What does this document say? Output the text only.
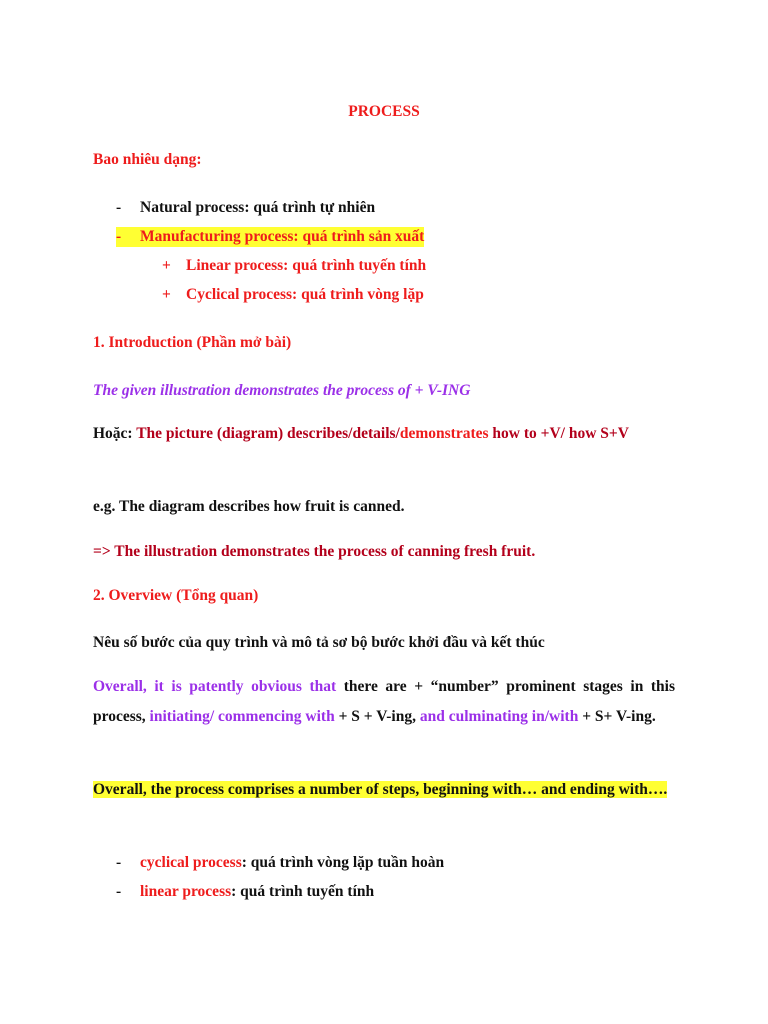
PROCESS
Bao nhiêu dạng:
- Natural process: quá trình tự nhiên
- Manufacturing process: quá trình sản xuất
+ Linear process: quá trình tuyến tính
+ Cyclical process: quá trình vòng lặp
1. Introduction (Phần mở bài)
The given illustration demonstrates the process of + V-ING
Hoặc: The picture (diagram) describes/details/demonstrates how to +V/ how S+V
e.g. The diagram describes how fruit is canned.
=> The illustration demonstrates the process of canning fresh fruit.
2. Overview (Tổng quan)
Nêu số bước của quy trình và mô tả sơ bộ bước khởi đầu và kết thúc
Overall, it is patently obvious that there are + “number” prominent stages in this process, initiating/ commencing with + S + V-ing, and culminating in/with + S+ V-ing.
Overall, the process comprises a number of steps, beginning with… and ending with….
- cyclical process: quá trình vòng lặp tuần hoàn
- linear process: quá trình tuyến tính
